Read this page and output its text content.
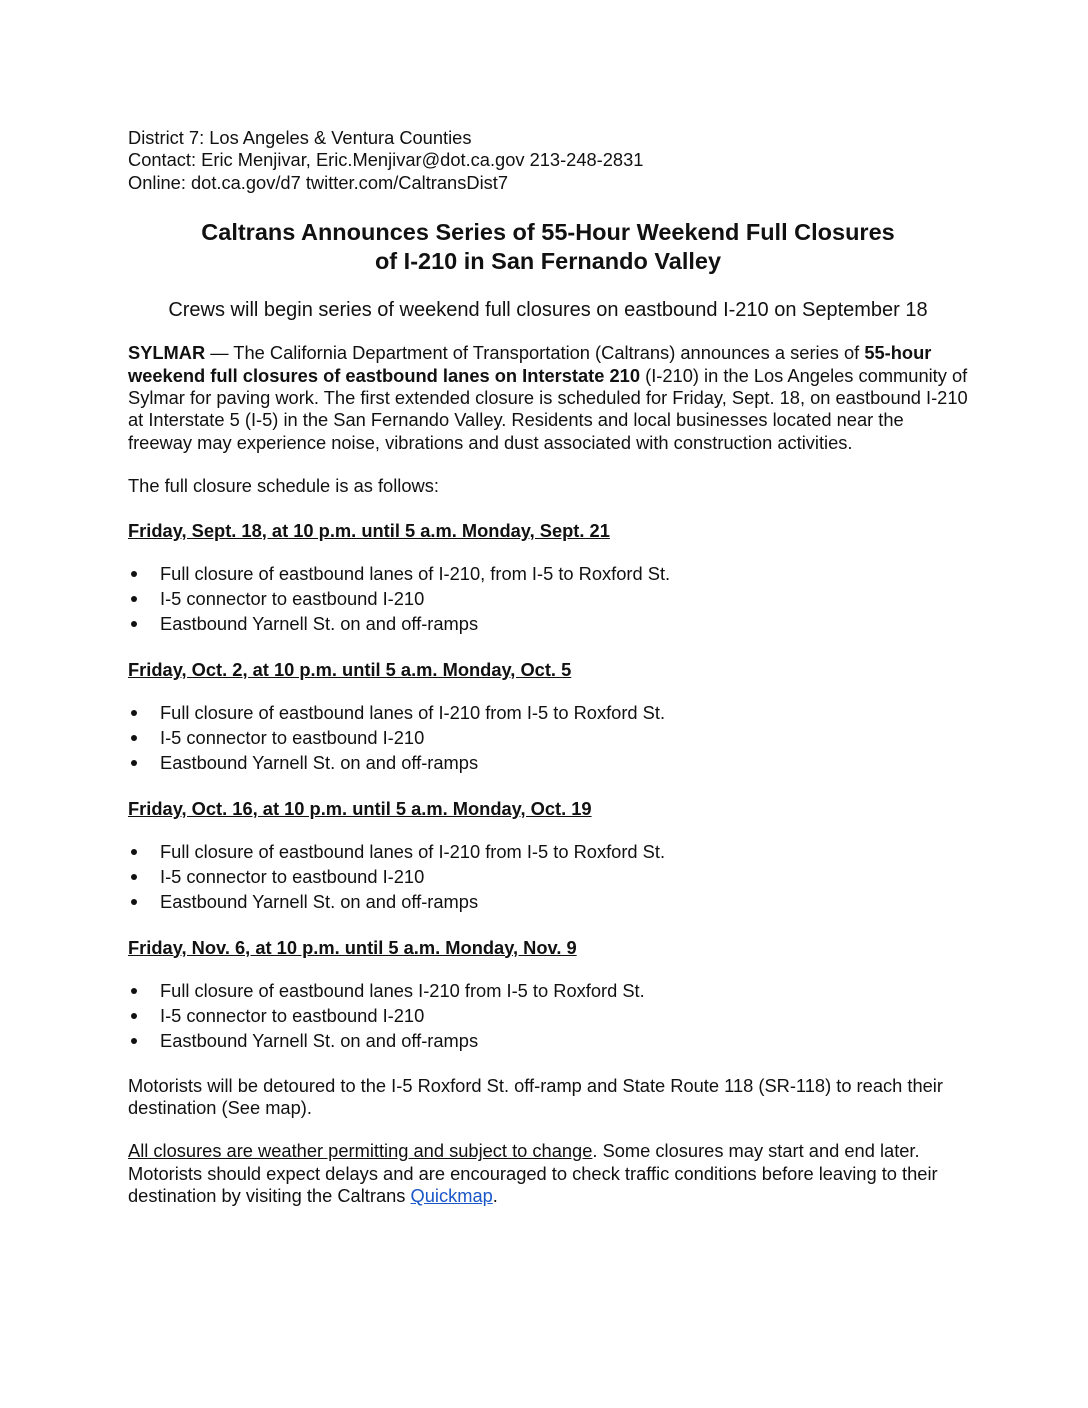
District 7: Los Angeles & Ventura Counties

Contact: Eric Menjivar, Eric.Menjivar@dot.ca.gov 213-248-2831

Online: dot.ca.gov/d7 twitter.com/CaltransDist7

Caltrans Announces Series of 55-Hour Weekend Full Closures
of I-210 in San Fernando Valley

Crews will begin series of weekend full closures on eastbound I-210 on September 18

SYLMAR — The California Department of Transportation (Caltrans) announces a series of 55-hour weekend full closures of eastbound lanes on Interstate 210 (I-210) in the Los Angeles community of Sylmar for paving work. The first extended closure is scheduled for Friday, Sept. 18, on eastbound I-210 at Interstate 5 (I-5) in the San Fernando Valley. Residents and local businesses located near the freeway may experience noise, vibrations and dust associated with construction activities.

The full closure schedule is as follows:

Friday, Sept. 18, at 10 p.m. until 5 a.m. Monday, Sept. 21

Full closure of eastbound lanes of I-210, from I-5 to Roxford St.
I-5 connector to eastbound I-210
Eastbound Yarnell St. on and off-ramps

Friday, Oct. 2, at 10 p.m. until 5 a.m. Monday, Oct. 5

Full closure of eastbound lanes of I-210 from I-5 to Roxford St.
I-5 connector to eastbound I-210
Eastbound Yarnell St. on and off-ramps

Friday, Oct. 16, at 10 p.m. until 5 a.m. Monday, Oct. 19

Full closure of eastbound lanes of I-210 from I-5 to Roxford St.
I-5 connector to eastbound I-210
Eastbound Yarnell St. on and off-ramps

Friday, Nov. 6, at 10 p.m. until 5 a.m. Monday, Nov. 9

Full closure of eastbound lanes I-210 from I-5 to Roxford St.
I-5 connector to eastbound I-210
Eastbound Yarnell St. on and off-ramps

Motorists will be detoured to the I-5 Roxford St. off-ramp and State Route 118 (SR-118) to reach their destination (See map).

All closures are weather permitting and subject to change. Some closures may start and end later. Motorists should expect delays and are encouraged to check traffic conditions before leaving to their destination by visiting the Caltrans Quickmap.
